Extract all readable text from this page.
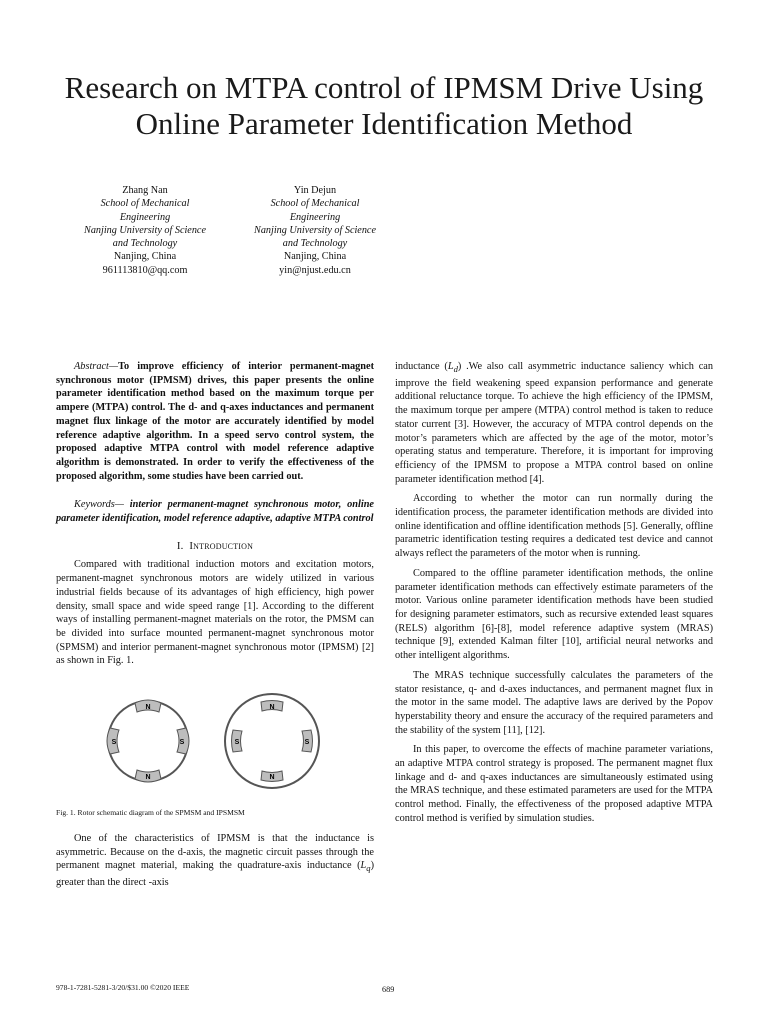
Research on MTPA control of IPMSM Drive Using
Online Parameter Identification Method
Zhang Nan
School of Mechanical
Engineering
Nanjing University of Science
and Technology
Nanjing, China
961113810@qq.com
Yin Dejun
School of Mechanical
Engineering
Nanjing University of Science
and Technology
Nanjing, China
yin@njust.edu.cn

Abstract—To improve efficiency of interior permanent-magnet synchronous motor (IPMSM) drives, this paper presents the online parameter identification method based on the maximum torque per ampere (MTPA) control. The d- and q-axes inductances and permanent magnet flux linkage of the motor are accurately identified by model reference adaptive algorithm. In a speed servo control system, the proposed adaptive MTPA control with model reference adaptive algorithm is demonstrated. In order to verify the effectiveness of the proposed algorithm, some studies have been carried out.

Keywords— interior permanent-magnet synchronous motor, online parameter identification, model reference adaptive, adaptive MTPA control

I. Introduction

Compared with traditional induction motors and excitation motors, permanent-magnet synchronous motors are widely utilized in various industrial fields because of its advantages of high efficiency, high power density, small space and wide speed range [1]. According to the different ways of installing permanent-magnet materials on the rotor, the PMSM can be divided into surface mounted permanent-magnet synchronous motor (SPMSM) and interior permanent-magnet synchronous motor (IPMSM) [2] as shown in Fig. 1.

N
N
S	S
N
N
S	S

Fig. 1. Rotor schematic diagram of the SPMSM and IPSMSM

One of the characteristics of IPMSM is that the inductance is asymmetric. Because on the d-axis, the magnetic circuit passes through the permanent magnet material, making the quadrature-axis inductance $(L_q)$ greater than the direct -axis

inductance $(L_d)$ .We also call asymmetric inductance saliency which can improve the field weakening speed expansion performance and generate additional reluctance torque. To achieve the high efficiency of the IPMSM, the maximum torque per ampere (MTPA) control method is taken to reduce stator current [3]. However, the accuracy of MTPA control depends on the motor’s parameters which are affected by the age of the motor, motor’s operating status and temperature. Therefore, it is important for improving efficiency of the IPMSM to propose a MTPA control based on online parameter identification method [4].

According to whether the motor can run normally during the identification process, the parameter identification methods are divided into online identification and offline identification methods [5]. Generally, offline parametric identification testing requires a dedicated test device and cannot always reflect the parameters of the motor when is running.

Compared to the offline parameter identification methods, the online parameter identification methods can effectively estimate parameters of the motor. Various online parameter identification methods have been studied for designing parameter estimators, such as recursive extended least squares (RELS) algorithm [6]-[8], model reference adaptive system (MRAS) technique [9], extended Kalman filter [10], artificial neural networks and other intelligent algorithms.

The MRAS technique successfully calculates the parameters of the stator resistance, q- and d-axes inductances, and permanent magnet flux in the motor in the same model. The adaptive laws are derived by the Popov hyperstability theory and ensure the accuracy of the required parameters and the stability of the system [11], [12].

In this paper, to overcome the effects of machine parameter variations, an adaptive MTPA control strategy is proposed. The permanent magnet flux linkage and d- and q-axes inductances are simultaneously estimated using the MRAS technique, and these estimated parameters are used for the MTPA control method. Finally, the effectiveness of the proposed adaptive MTPA control method is verified by simulation studies.

978-1-7281-5281-3/20/$31.00 ©2020 IEEE	689
